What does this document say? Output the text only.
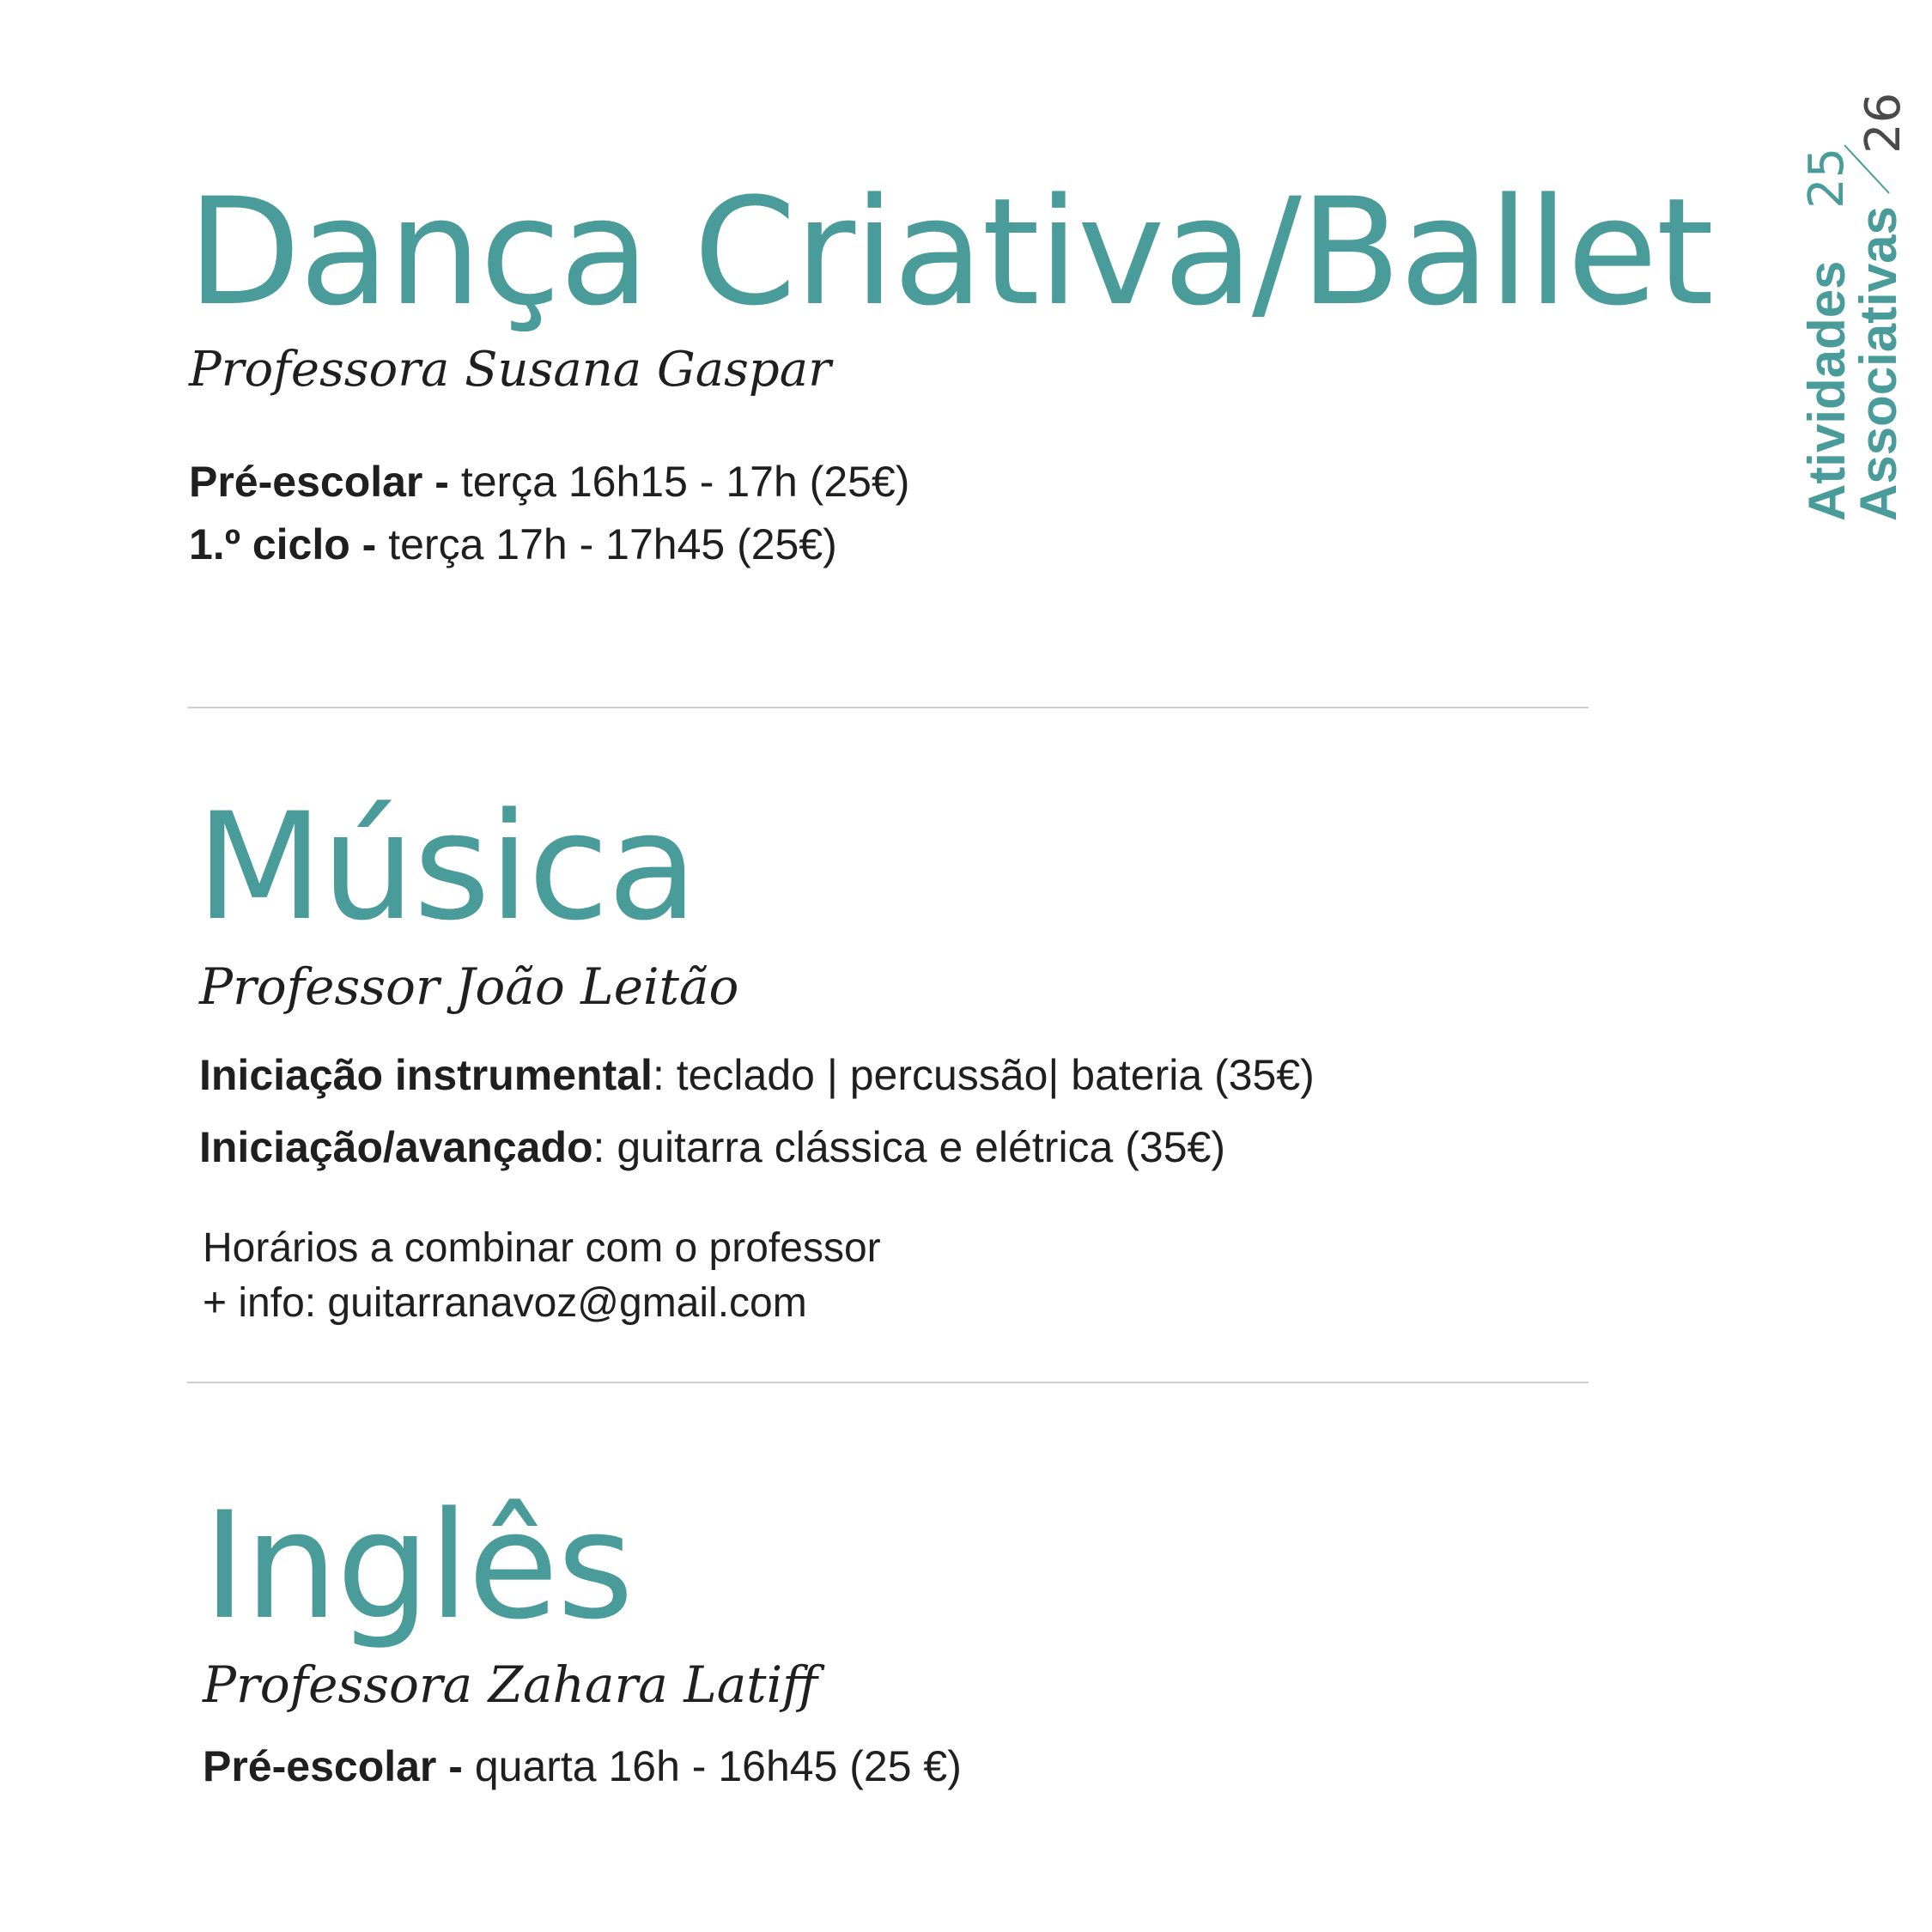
Atividades
Associativas
25
26
Dança Criativa/Ballet
Professora Susana Gaspar
Pré-escolar - terça 16h15 - 17h (25€)
1.º ciclo - terça 17h - 17h45 (25€)
Música
Professor João Leitão
Iniciação instrumental: teclado | percussão| bateria (35€)
Iniciação/avançado: guitarra clássica e elétrica (35€)
Horários a combinar com o professor
+ info: guitarranavoz@gmail.com
Inglês
Professora Zahara Latiff
Pré-escolar - quarta 16h - 16h45 (25 €)
